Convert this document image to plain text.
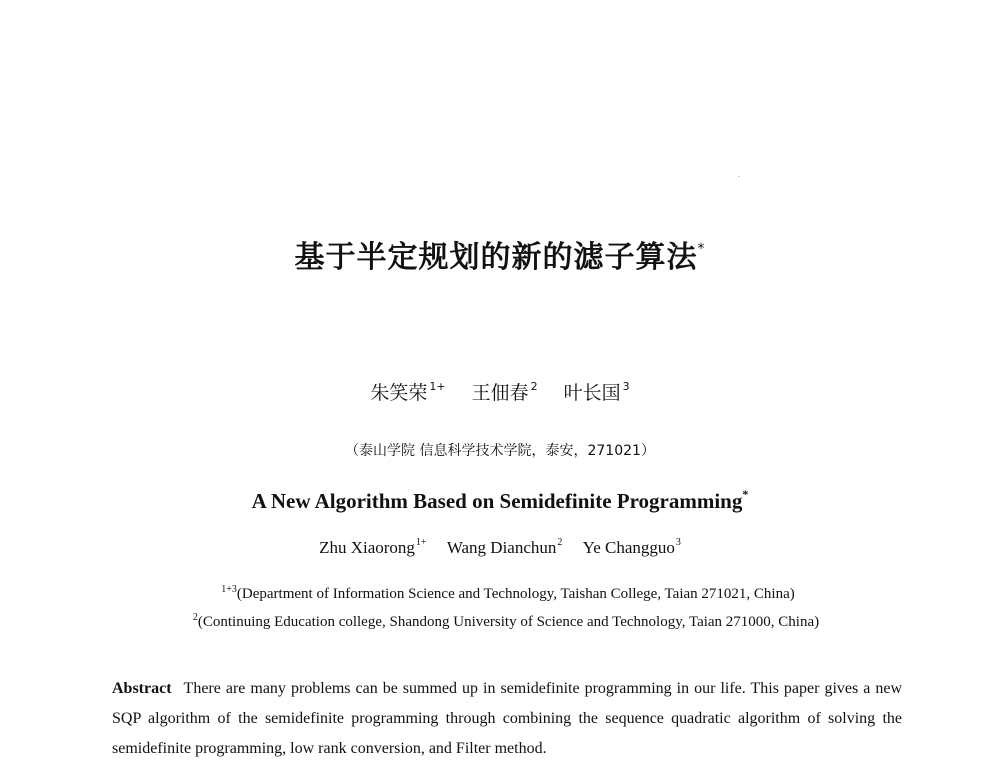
基于半定规划的新的滤子算法*
朱笑荣 $^{1+}$ 王佃春 $^2$ 叶长国 $^3$
（泰山学院 信息科学技术学院，泰安，271021）
A New Algorithm Based on Semidefinite Programming*
Zhu Xiaorong$^{1+}$ Wang Dianchun$^2$ Ye Changguo$^3$
$^{1+3}$(Department of Information Science and Technology, Taishan College, Taian 271021, China)
$^2$(Continuing Education college, Shandong University of Science and Technology, Taian 271000, China)
Abstract There are many problems can be summed up in semidefinite programming in our life. This paper gives a new SQP algorithm of the semidefinite programming through combining the sequence quadratic algorithm of solving the semidefinite programming, low rank conversion, and Filter method.
